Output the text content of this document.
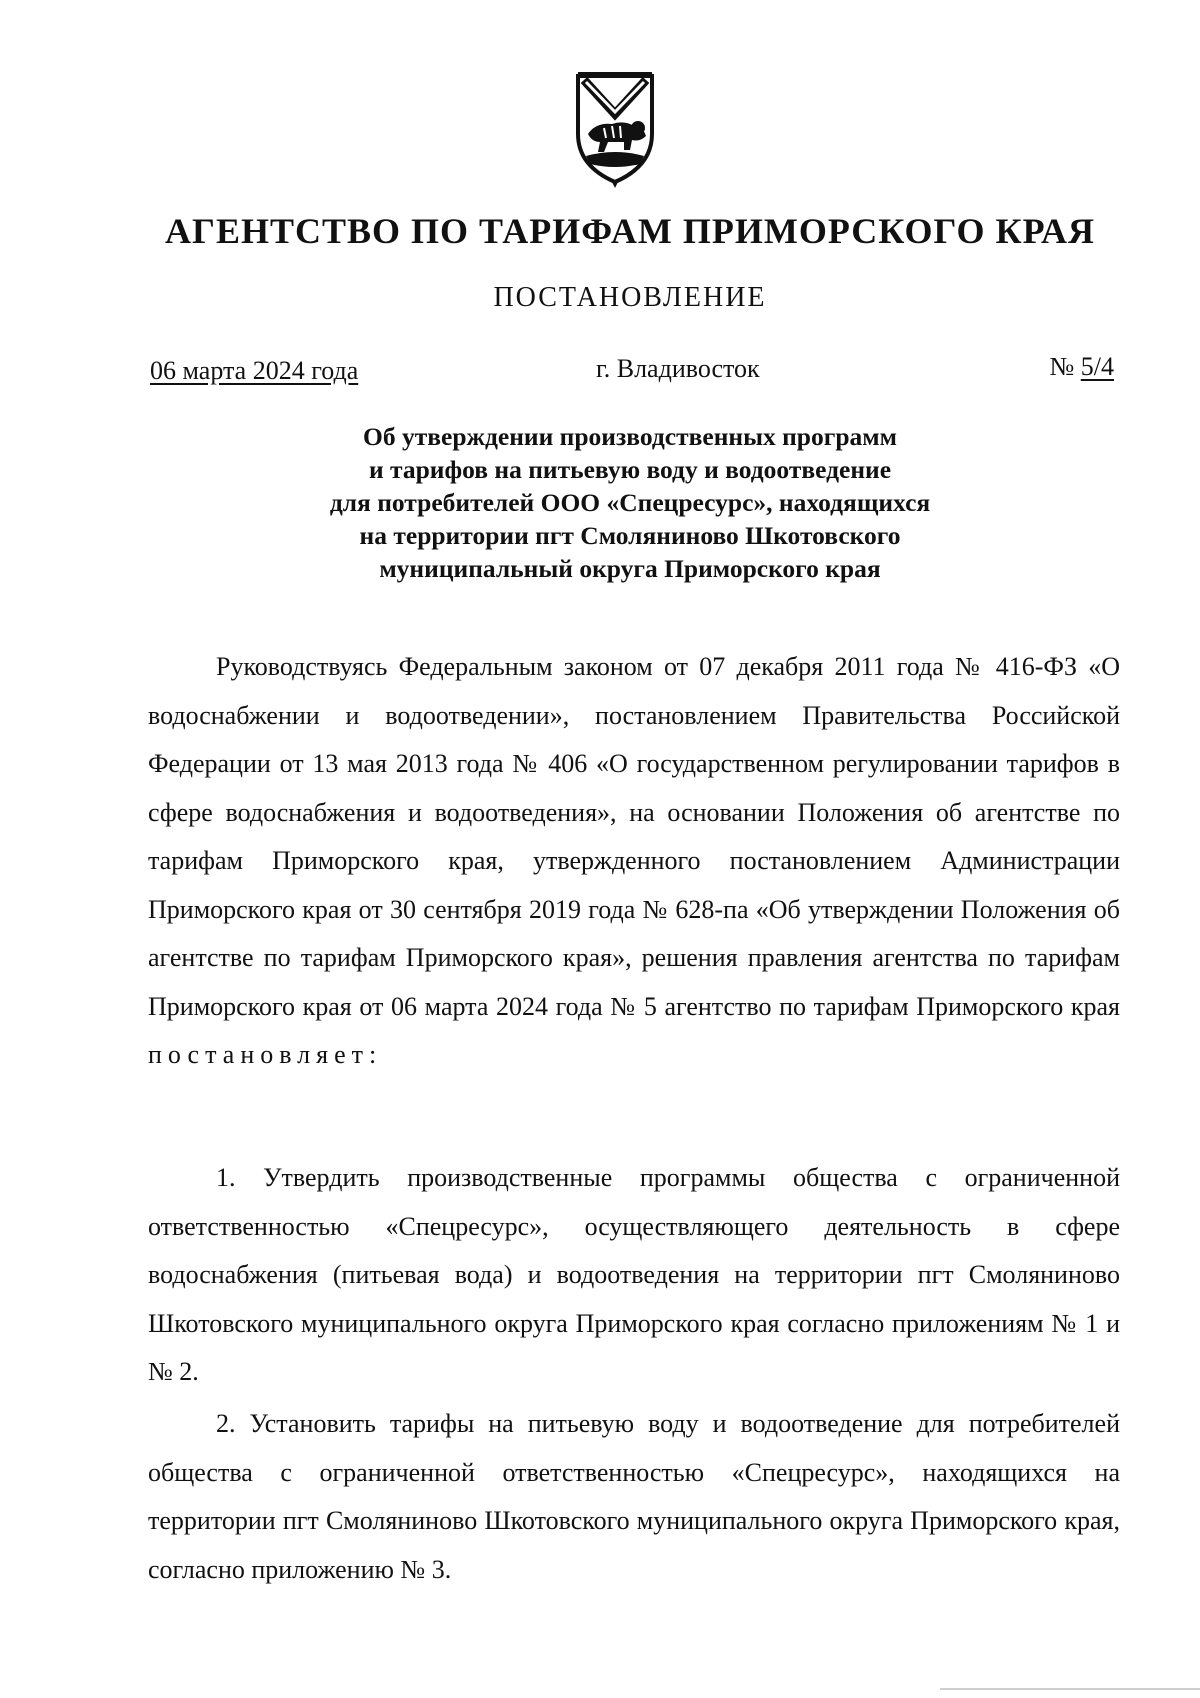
АГЕНТСТВО ПО ТАРИФАМ ПРИМОРСКОГО КРАЯ
ПОСТАНОВЛЕНИЕ
06 марта 2024 года	г. Владивосток	№ 5/4
Об утверждении производственных программ
и тарифов на питьевую воду и водоотведение
для потребителей ООО «Спецресурс», находящихся
на территории пгт Смоляниново Шкотовского
муниципальный округа Приморского края
Руководствуясь Федеральным законом от 07 декабря 2011 года № 416-ФЗ «О водоснабжении и водоотведении», постановлением Правительства Российской Федерации от 13 мая 2013 года № 406 «О государственном регулировании тарифов в сфере водоснабжения и водоотведения», на основании Положения об агентстве по тарифам Приморского края, утвержденного постановлением Администрации Приморского края от 30 сентября 2019 года № 628-па «Об утверждении Положения об агентстве по тарифам Приморского края», решения правления агентства по тарифам Приморского края от 06 марта 2024 года № 5 агентство по тарифам Приморского края постановляет:
1. Утвердить производственные программы общества с ограниченной ответственностью «Спецресурс», осуществляющего деятельность в сфере водоснабжения (питьевая вода) и водоотведения на территории пгт Смоляниново Шкотовского муниципального округа Приморского края согласно приложениям № 1 и № 2.
2. Установить тарифы на питьевую воду и водоотведение для потребителей общества с ограниченной ответственностью «Спецресурс», находящихся на территории пгт Смоляниново Шкотовского муниципального округа Приморского края, согласно приложению № 3.
